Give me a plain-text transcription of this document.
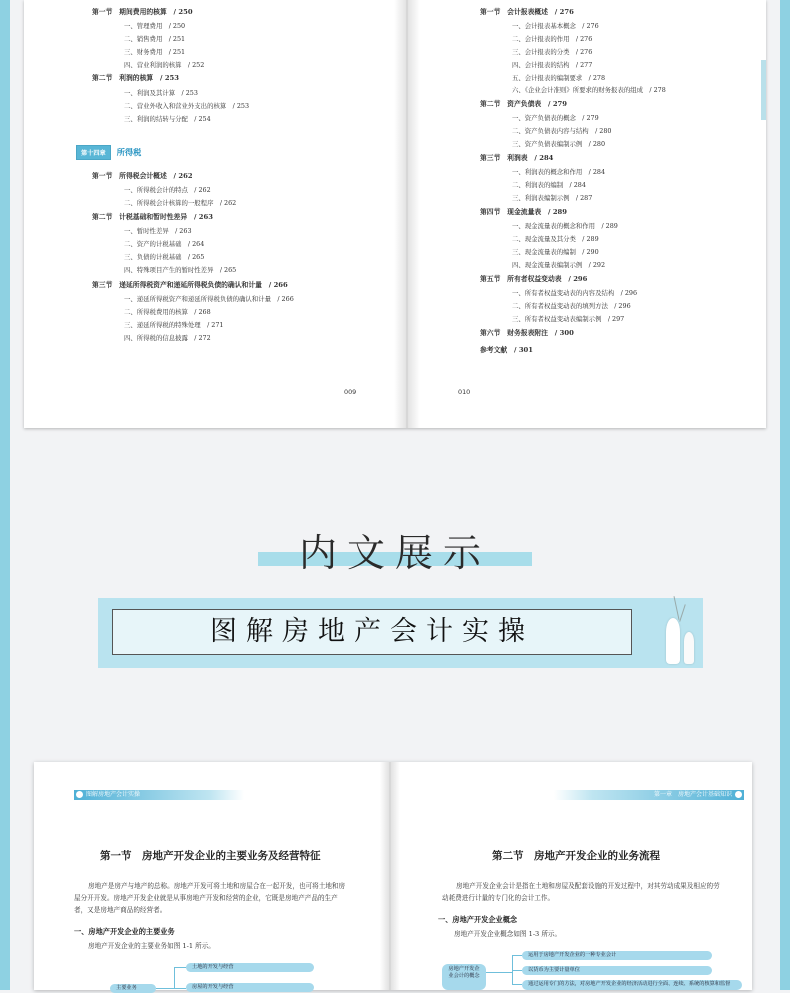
第一节　期间费用的核算　/ 250
一、管理费用　/ 250
二、销售费用　/ 251
三、财务费用　/ 251
四、营业利润的核算　/ 252
第二节　利润的核算　/ 253
一、利润及其计算　/ 253
二、营业外收入和营业外支出的核算　/ 253
三、利润的结转与分配　/ 254
第一节　所得税会计概述　/ 262
一、所得税会计的特点　/ 262
二、所得税会计核算的一般程序　/ 262
第二节　计税基础和暂时性差异　/ 263
一、暂时性差异　/ 263
二、资产的计税基础　/ 264
三、负债的计税基础　/ 265
四、特殊项目产生的暂时性差异　/ 265
第三节　递延所得税资产和递延所得税负债的确认和计量　/ 266
一、递延所得税资产和递延所得税负债的确认和计量　/ 266
二、所得税费用的核算　/ 268
三、递延所得税的特殊处理　/ 271
四、所得税的信息披露　/ 272
第十四章	所得税
009
第一节　会计报表概述　/ 276
一、会计报表基本概念　/ 276
二、会计报表的作用　/ 276
三、会计报表的分类　/ 276
四、会计报表的结构　/ 277
五、会计报表的编制要求　/ 278
六、《企业会计准则》所要求的财务报表的组成　/ 278
第二节　资产负债表　/ 279
一、资产负债表的概念　/ 279
二、资产负债表内容与结构　/ 280
三、资产负债表编制示例　/ 280
第三节　利润表　/ 284
一、利润表的概念和作用　/ 284
二、利润表的编制　/ 284
三、利润表编制示例　/ 287
第四节　现金流量表　/ 289
一、现金流量表的概念和作用　/ 289
二、现金流量及其分类　/ 289
三、现金流量表的编制　/ 290
四、现金流量表编制示例　/ 292
第五节　所有者权益变动表　/ 296
一、所有者权益变动表的内容及结构　/ 296
二、所有者权益变动表的填列方法　/ 296
三、所有者权益变动表编制示例　/ 297
第六节　财务报表附注　/ 300
参考文献　/ 301
010
内文展示
图解房地产会计实操
图解房地产会计实操	第一章　房地产会计基础知识
第一节　房地产开发企业的主要业务及经营特征
房地产是房产与地产的总称。房地产开发可将土地和房屋合在一起开发，也可将土地和房屋分开开发。房地产开发企业就是从事房地产开发和经营的企业，它既是房地产产品的生产者，又是房地产商品的经营者。
一、房地产开发企业的主要业务
房地产开发企业的主要业务如图 1-1 所示。
主要业务
土地的开发与经营
房屋的开发与经营
第二节　房地产开发企业的业务流程
房地产开发企业会计是指在土地和房屋及配套设施的开发过程中，对其劳动成果及相应的劳动耗费进行计量的专门化的会计工作。
一、房地产开发企业概念
房地产开发企业概念如图 1-3 所示。
房地产开发企业会计的概念
运用于房地产开发企业的一种专业会计
以货币为主要计量单位
通过运用专门的方法，对房地产开发企业的经济活动进行全面、连续、系统的核算和监督
